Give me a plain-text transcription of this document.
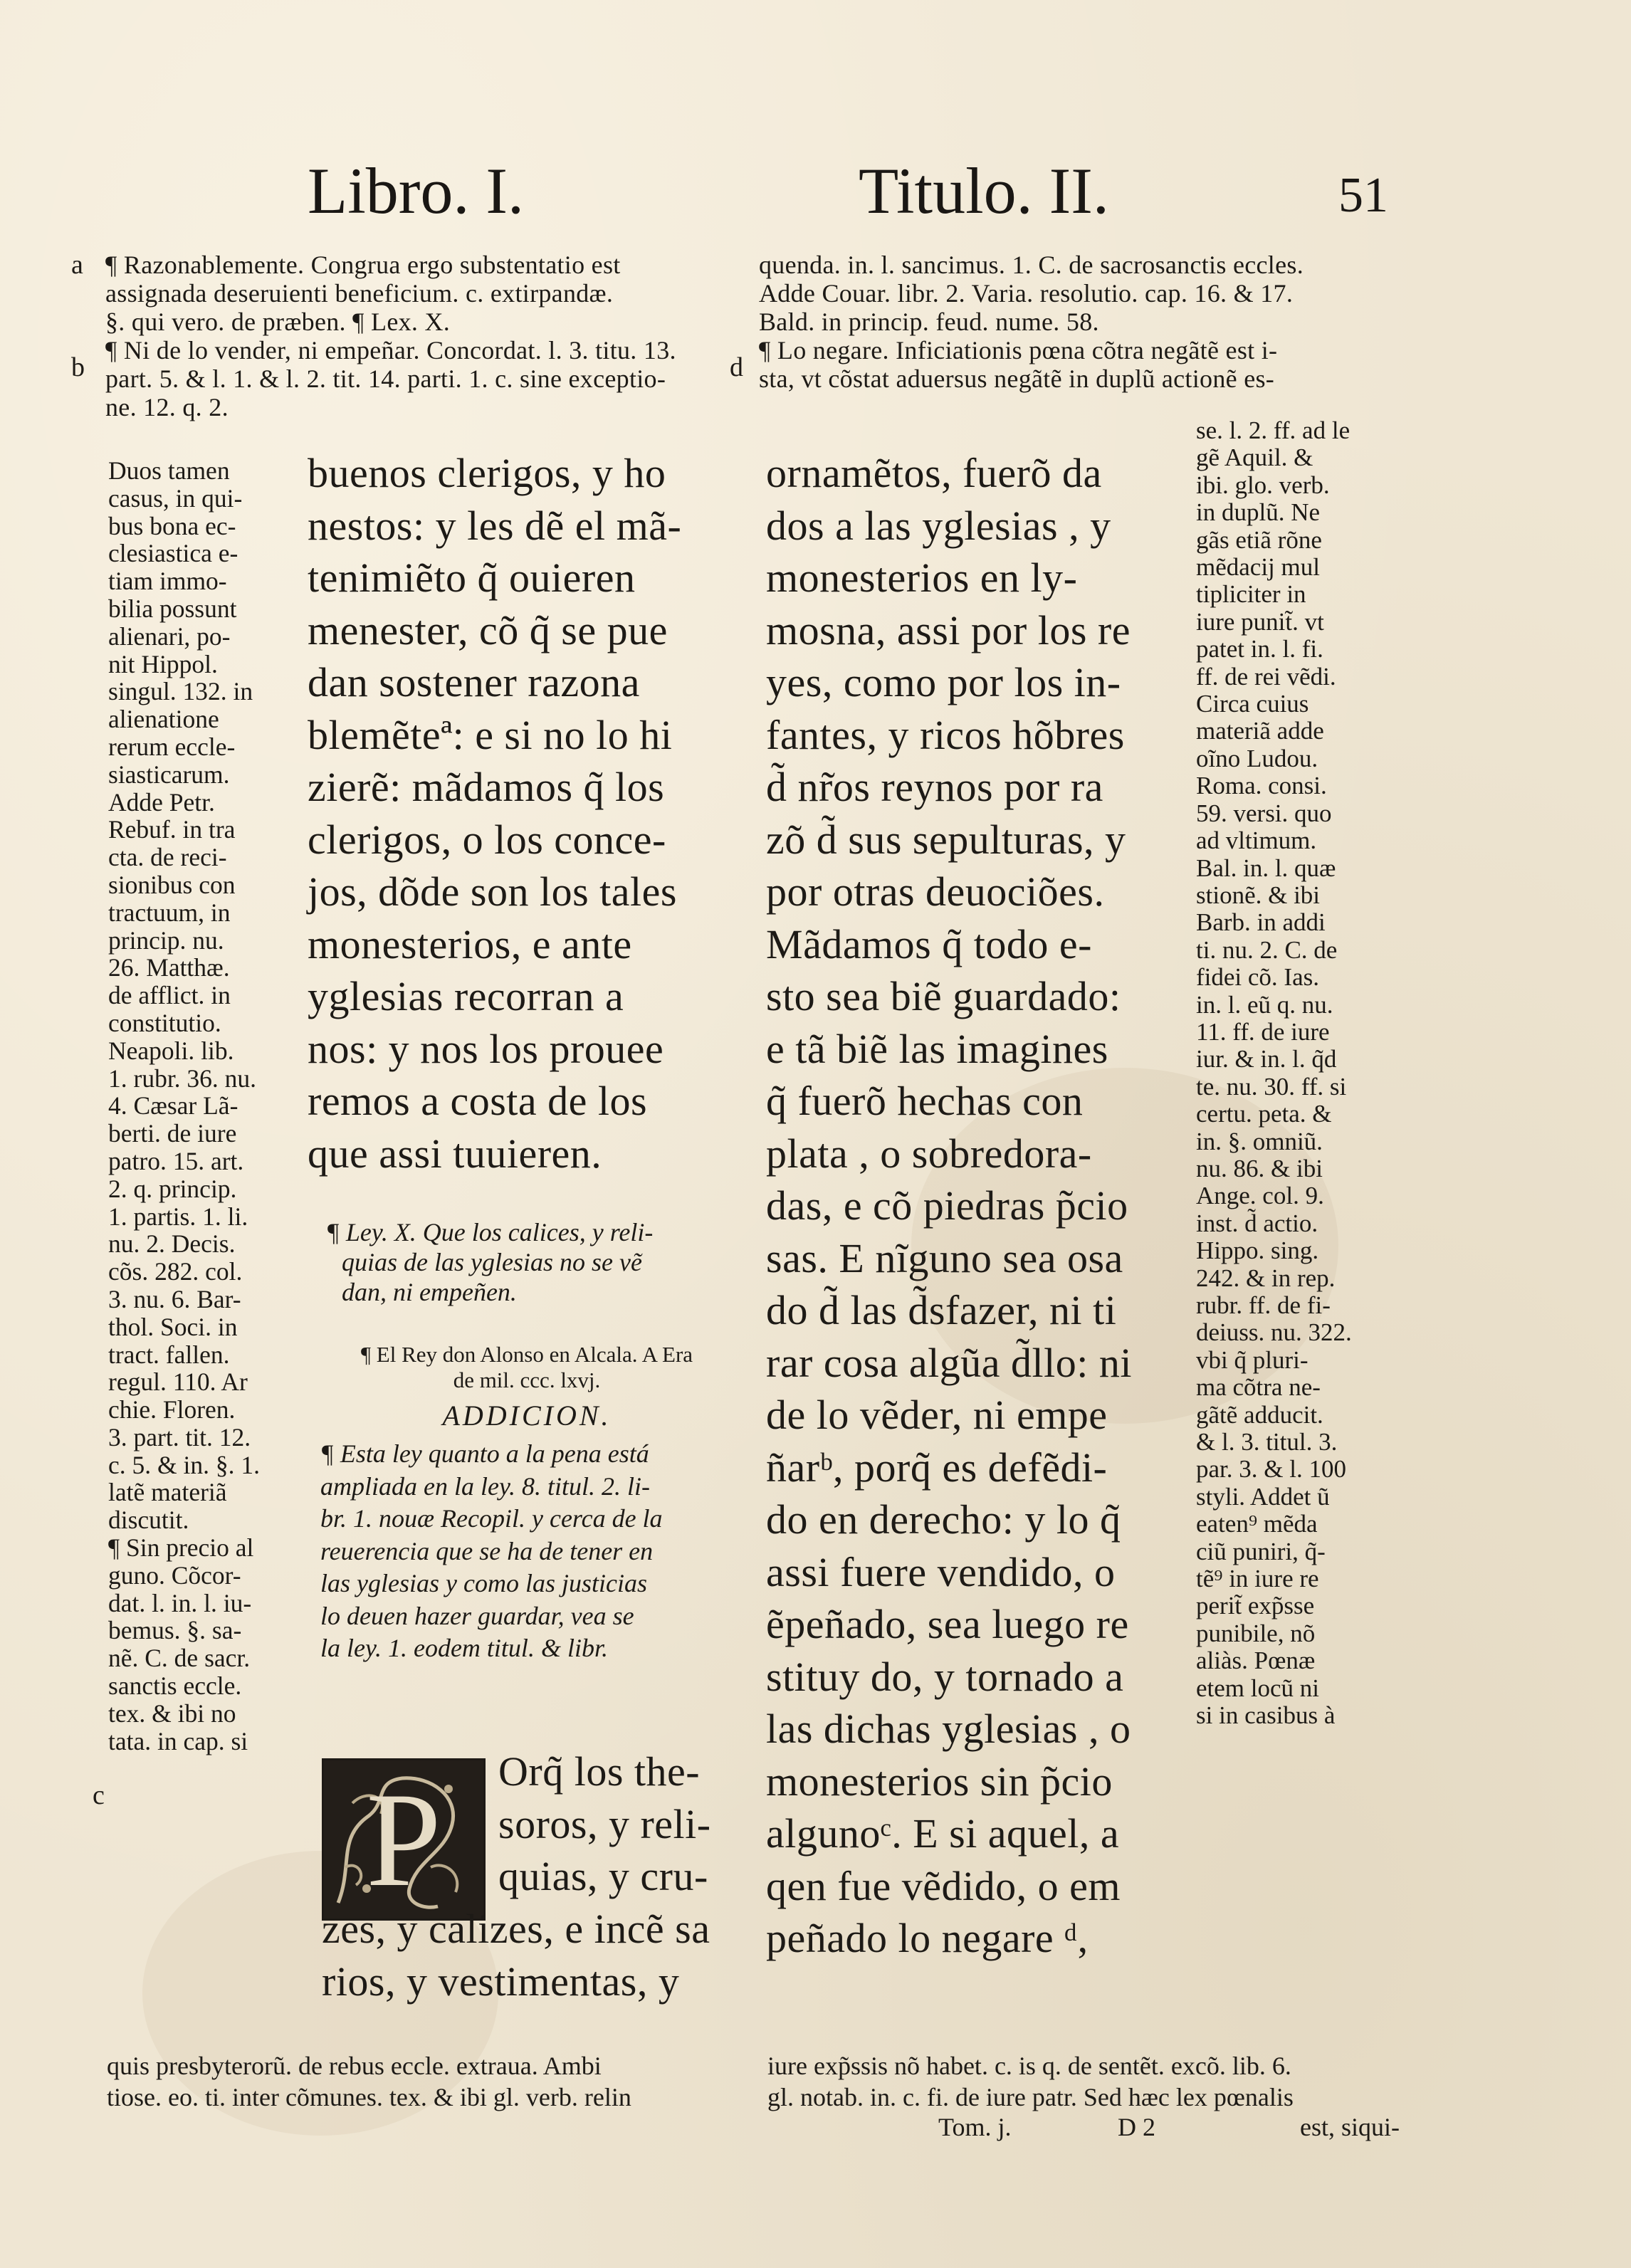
Libro. I.	Titulo. II.	51
a
b	d
c
¶ Razonablemente. Congrua ergo substentatio est
assignada deseruienti beneficium. c. extirpandæ.
§. qui vero. de præben. ¶ Lex. X.
¶ Ni de lo vender, ni empeñar. Concordat. l. 3. titu. 13.
part. 5. & l. 1. & l. 2. tit. 14. parti. 1. c. sine exceptio-
ne. 12. q. 2.
quenda. in. l. sancimus. 1. C. de sacrosanctis eccles.
Adde Couar. libr. 2. Varia. resolutio. cap. 16. & 17.
Bald. in princip. feud. nume. 58.
¶ Lo negare. Inficiationis pœna cõtra negãtẽ est i-
sta, vt cõstat aduersus negãtẽ in duplũ actionẽ es-
Duos tamen
casus, in qui-
bus bona ec-
clesiastica e-
tiam immo-
bilia possunt
alienari, po-
nit Hippol.
singul. 132. in
alienatione
rerum eccle-
siasticarum.
Adde Petr.
Rebuf. in tra
cta. de reci-
sionibus con
tractuum, in
princip. nu.
26. Matthæ.
de afflict. in
constitutio.
Neapoli. lib.
1. rubr. 36. nu.
4. Cæsar Lã-
berti. de iure
patro. 15. art.
2. q. princip.
1. partis. 1. li.
nu. 2. Decis.
cõs. 282. col.
3. nu. 6. Bar-
thol. Soci. in
tract. fallen.
regul. 110. Ar
chie. Floren.
3. part. tit. 12.
c. 5. & in. §. 1.
latẽ materiã
discutit.
¶ Sin precio al
guno. Cõcor-
dat. l. in. l. iu-
bemus. §. sa-
nẽ. C. de sacr.
sanctis eccle.
tex. & ibi no
tata. in cap. si
buenos clerigos, y ho
nestos: y les dẽ el mã-
tenimiẽto q̃ ouieren
menester, cõ q̃ se pue
dan sostener razona
blemẽteª: e si no lo hi
zierẽ: mãdamos q̃ los
clerigos, o los conce-
jos, dõde son los tales
monesterios, e ante
yglesias recorran a
nos: y nos los prouee
remos a costa de los
que assi tuuieren.
¶ Ley. X. Que los calices, y reli-
quias de las yglesias no se vẽ
dan, ni empeñen.
¶ El Rey don Alonso en Alcala. A Era
de mil. ccc. lxvj.
ADDICION.
¶ Esta ley quanto a la pena está
ampliada en la ley. 8. titul. 2. li-
br. 1. nouæ Recopil. y cerca de la
reuerencia que se ha de tener en
las yglesias y como las justicias
lo deuen hazer guardar, vea se
la ley. 1. eodem titul. & libr.
P Orq̃ los the-
soros, y reli-
quias, y cru-
zes, y calizes, e incẽ sa
rios, y vestimentas, y
quis presbyterorũ. de rebus eccle. extraua. Ambi
tiose. eo. ti. inter cõmunes. tex. & ibi gl. verb. relin
ornamẽtos, fuerõ da
dos a las yglesias , y
monesterios en ly-
mosna, assi por los re
yes, como por los in-
fantes, y ricos hõbres
d̃ nr̃os reynos por ra
zõ d̃ sus sepulturas, y
por otras deuociões.
Mãdamos q̃ todo e-
sto sea biẽ guardado:
e tã biẽ las imagines
q̃ fuerõ hechas con
plata , o sobredora-
das, e cõ piedras p̃cio
sas. E nĩguno sea osa
do d̃ las d̃sfazer, ni ti
rar cosa algũa d̃llo: ni
de lo vẽder, ni empe
ñarᵇ, porq̃ es defẽdi-
do en derecho: y lo q̃
assi fuere vendido, o
ẽpeñado, sea luego re
stituy do, y tornado a
las dichas yglesias , o
monesterios sin p̃cio
algunoᶜ. E si aquel, a
qen fue vẽdido, o em
peñado lo negare ᵈ,
se. l. 2. ff. ad le
gẽ Aquil. &
ibi. glo. verb.
in duplũ. Ne
gãs etiã rõne
mẽdacij mul
tipliciter in
iure punit̃. vt
patet in. l. fi.
ff. de rei vẽdi.
Circa cuius
materiã adde
oĩno Ludou.
Roma. consi.
59. versi. quo
ad vltimum.
Bal. in. l. quæ
stionẽ. & ibi
Barb. in addi
ti. nu. 2. C. de
fidei cõ. Ias.
in. l. eũ q. nu.
11. ff. de iure
iur. & in. l. q̃d
te. nu. 30. ff. si
certu. peta. &
in. §. omniũ.
nu. 86. & ibi
Ange. col. 9.
inst. d̃ actio.
Hippo. sing.
242. & in rep.
rubr. ff. de fi-
deiuss. nu. 322.
vbi q̃ pluri-
ma cõtra ne-
gãtẽ adducit.
& l. 3. titul. 3.
par. 3. & l. 100
styli. Addet ũ
eaten⁹ mẽda
ciũ puniri, q̃-
tẽ⁹ in iure re
perit̃ exp̃sse
punibile, nõ
aliàs. Pœnæ
etem locũ ni
si in casibus à
iure exp̃ssis nõ habet. c. is q. de sentẽt. excõ. lib. 6.
gl. notab. in. c. fi. de iure patr. Sed hæc lex pœnalis
Tom. j.	D 2	est, siqui-
